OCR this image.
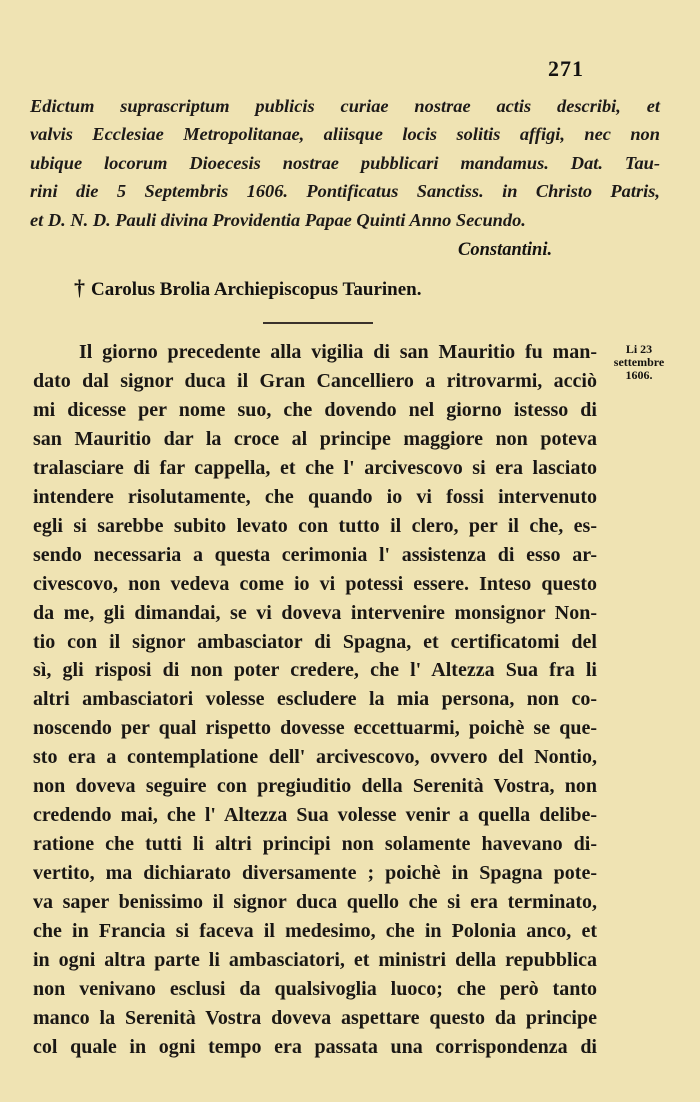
271
Edictum suprascriptum publicis curiae nostrae actis describi, et
valvis Ecclesiae Metropolitanae, aliisque locis solitis affigi, nec non
ubique locorum Dioecesis nostrae pubblicari mandamus. Dat. Tau-
rini die 5 Septembris 1606. Pontificatus Sanctiss. in Christo Patris,
et D. N. D. Pauli divina Providentia Papae Quinti Anno Secundo.
Constantini.
† Carolus Brolia Archiepiscopus Taurinen.
Li 23
settembre
1606.
Il giorno precedente alla vigilia di san Mauritio fu man-
dato dal signor duca il Gran Cancelliero a ritrovarmi, acciò
mi dicesse per nome suo, che dovendo nel giorno istesso di
san Mauritio dar la croce al principe maggiore non poteva
tralasciare di far cappella, et che l' arcivescovo si era lasciato
intendere risolutamente, che quando io vi fossi intervenuto
egli si sarebbe subito levato con tutto il clero, per il che, es-
sendo necessaria a questa cerimonia l' assistenza di esso ar-
civescovo, non vedeva come io vi potessi essere. Inteso questo
da me, gli dimandai, se vi doveva intervenire monsignor Non-
tio con il signor ambasciator di Spagna, et certificatomi del
sì, gli risposi di non poter credere, che l' Altezza Sua fra li
altri ambasciatori volesse escludere la mia persona, non co-
noscendo per qual rispetto dovesse eccettuarmi, poichè se que-
sto era a contemplatione dell' arcivescovo, ovvero del Nontio,
non doveva seguire con pregiuditio della Serenità Vostra, non
credendo mai, che l' Altezza Sua volesse venir a quella delibe-
ratione che tutti li altri principi non solamente havevano di-
vertito, ma dichiarato diversamente ; poichè in Spagna pote-
va saper benissimo il signor duca quello che si era terminato,
che in Francia si faceva il medesimo, che in Polonia anco, et
in ogni altra parte li ambasciatori, et ministri della repubblica
non venivano esclusi da qualsivoglia luoco; che però tanto
manco la Serenità Vostra doveva aspettare questo da principe
col quale in ogni tempo era passata una corrispondenza di
